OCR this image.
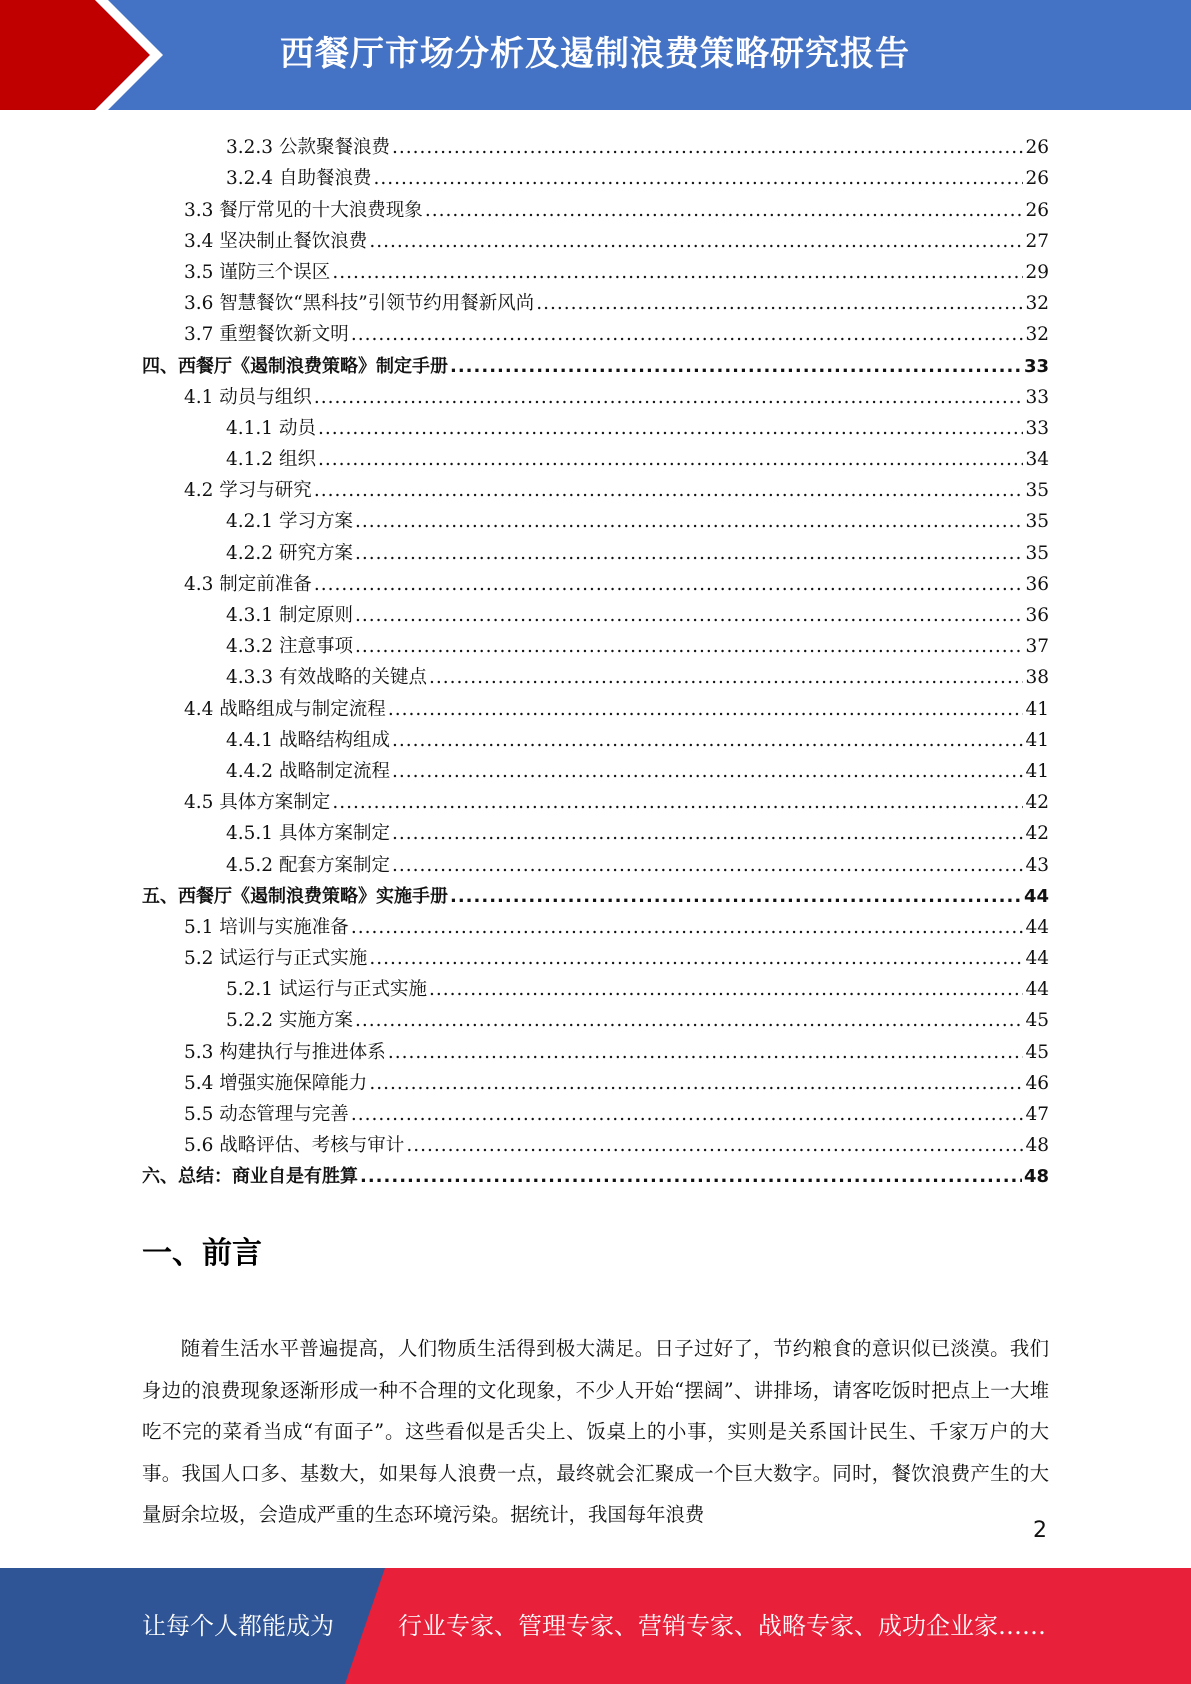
西餐厅市场分析及遏制浪费策略研究报告
3.2.3 公款聚餐浪费 .....	26
3.2.4 自助餐浪费 .....	26
3.3 餐厅常见的十大浪费现象 .....	26
3.4 坚决制止餐饮浪费 .....	27
3.5 谨防三个误区 .....	29
3.6 智慧餐饮“黑科技”引领节约用餐新风尚 .....	32
3.7 重塑餐饮新文明 .....	32
四、西餐厅《遏制浪费策略》制定手册 .....	33
4.1 动员与组织 .....	33
4.1.1 动员 .....	33
4.1.2 组织 .....	34
4.2 学习与研究 .....	35
4.2.1 学习方案 .....	35
4.2.2 研究方案 .....	35
4.3 制定前准备 .....	36
4.3.1 制定原则 .....	36
4.3.2 注意事项 .....	37
4.3.3 有效战略的关键点 .....	38
4.4 战略组成与制定流程 .....	41
4.4.1 战略结构组成 .....	41
4.4.2 战略制定流程 .....	41
4.5 具体方案制定 .....	42
4.5.1 具体方案制定 .....	42
4.5.2 配套方案制定 .....	43
五、西餐厅《遏制浪费策略》实施手册 .....	44
5.1 培训与实施准备 .....	44
5.2 试运行与正式实施 .....	44
5.2.1 试运行与正式实施 .....	44
5.2.2 实施方案 .....	45
5.3 构建执行与推进体系 .....	45
5.4 增强实施保障能力 .....	46
5.5 动态管理与完善 .....	47
5.6 战略评估、考核与审计 .....	48
六、总结：商业自是有胜算 .....	48
一、前言
随着生活水平普遍提高，人们物质生活得到极大满足。日子过好了，节约粮食的意识似已淡漠。我们身边的浪费现象逐渐形成一种不合理的文化现象，不少人开始“摆阔”、讲排场，请客吃饭时把点上一大堆吃不完的菜肴当成“有面子”。这些看似是舌尖上、饭桌上的小事，实则是关系国计民生、千家万户的大事。我国人口多、基数大，如果每人浪费一点，最终就会汇聚成一个巨大数字。同时，餐饮浪费产生的大量厨余垃圾，会造成严重的生态环境污染。据统计，我国每年浪费
2
让每个人都能成为	行业专家、管理专家、营销专家、战略专家、成功企业家……
